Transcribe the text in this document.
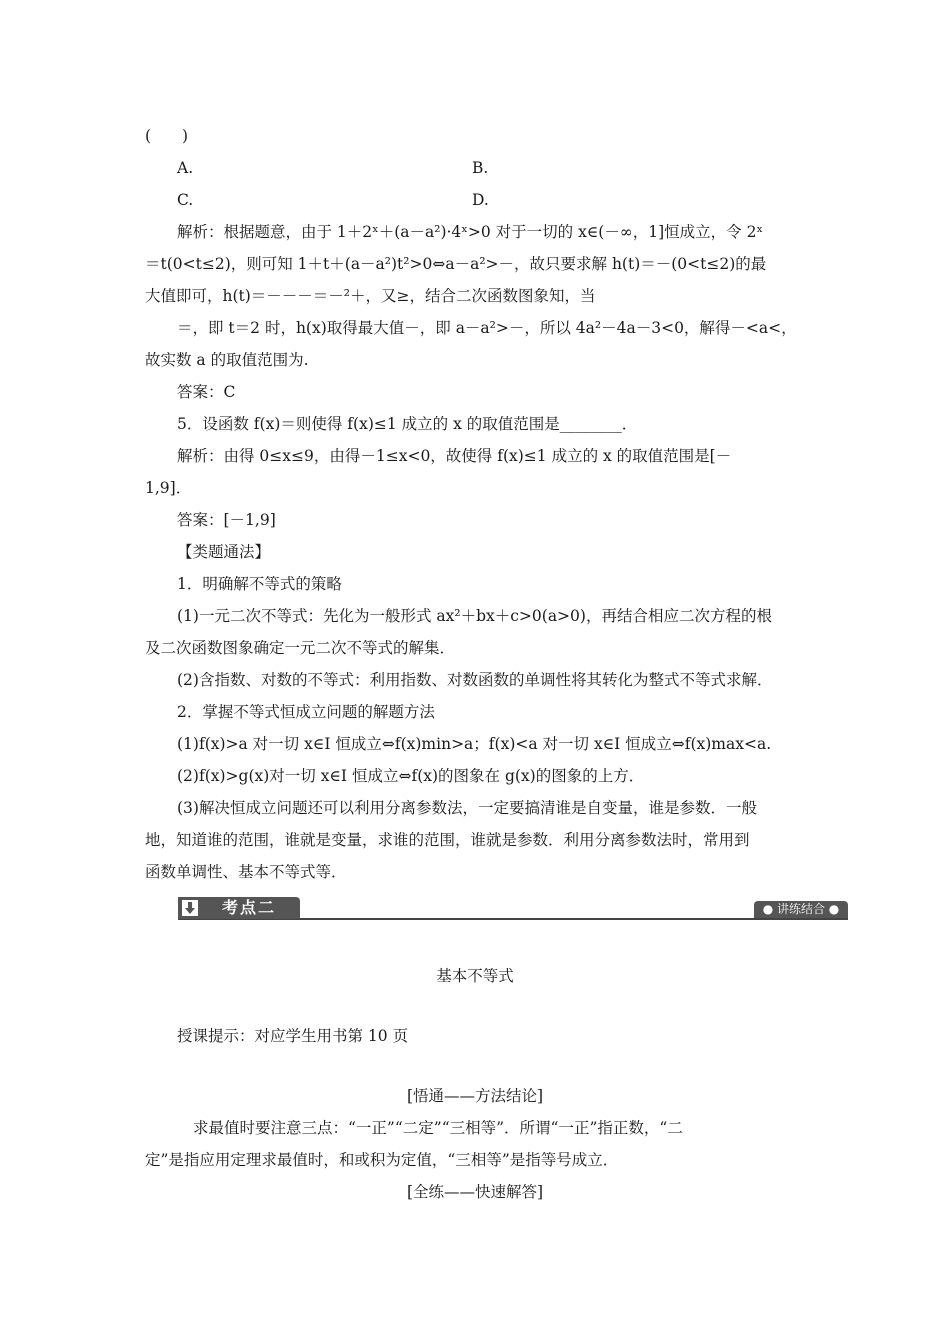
(　　)
A.	B.
C.	D.
解析：根据题意，由于 1＋2ˣ＋(a－a²)·4ˣ>0 对于一切的 x∈(－∞，1]恒成立，令 2ˣ
＝t(0<t≤2)，则可知 1＋t＋(a－a²)t²>0⇔a－a²>－，故只要求解 h(t)＝－(0<t≤2)的最
大值即可，h(t)＝－－－＝－²＋，又≥，结合二次函数图象知，当
＝，即 t＝2 时，h(x)取得最大值－，即 a－a²>－，所以 4a²－4a－3<0，解得－<a<，
故实数 a 的取值范围为.
答案：C
5．设函数 f(x)＝则使得 f(x)≤1 成立的 x 的取值范围是________．
解析：由得 0≤x≤9，由得－1≤x<0，故使得 f(x)≤1 成立的 x 的取值范围是[－
1,9]．
答案：[－1,9]
【类题通法】
1．明确解不等式的策略
(1)一元二次不等式：先化为一般形式 ax²＋bx＋c>0(a>0)，再结合相应二次方程的根
及二次函数图象确定一元二次不等式的解集．
(2)含指数、对数的不等式：利用指数、对数函数的单调性将其转化为整式不等式求解．
2．掌握不等式恒成立问题的解题方法
(1)f(x)>a 对一切 x∈I 恒成立⇔f(x)min>a；f(x)<a 对一切 x∈I 恒成立⇔f(x)max<a.
(2)f(x)>g(x)对一切 x∈I 恒成立⇔f(x)的图象在 g(x)的图象的上方．
(3)解决恒成立问题还可以利用分离参数法，一定要搞清谁是自变量，谁是参数．一般
地，知道谁的范围，谁就是变量，求谁的范围，谁就是参数．利用分离参数法时，常用到
函数单调性、基本不等式等．
考点二	● 讲练结合 ●
基本不等式
授课提示：对应学生用书第 10 页
[悟通——方法结论]
求最值时要注意三点：“一正”“二定”“三相等”．所谓“一正”指正数，“二
定”是指应用定理求最值时，和或积为定值，“三相等”是指等号成立．
[全练——快速解答]
